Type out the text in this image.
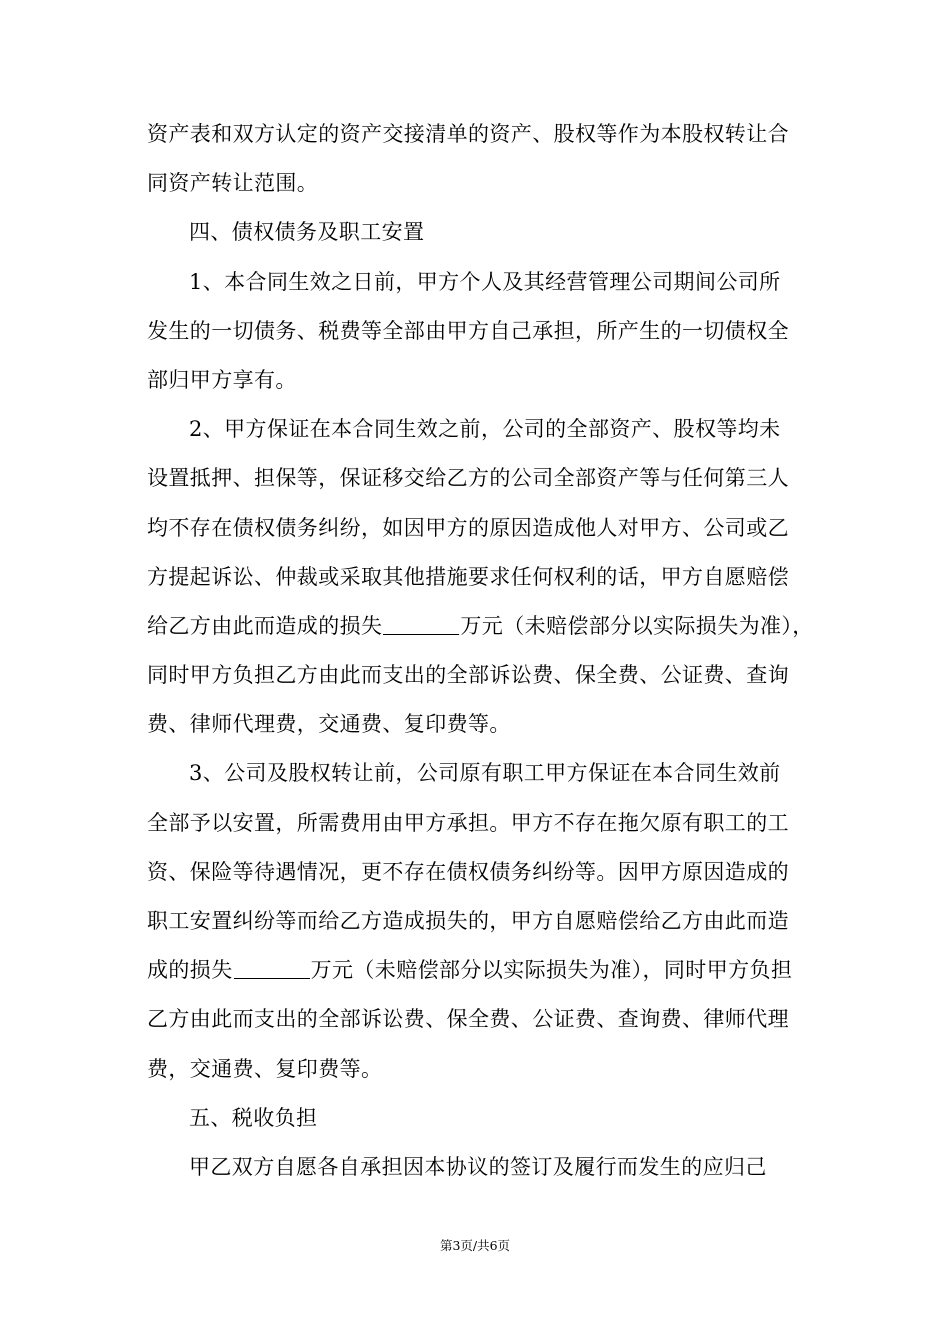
资产表和双方认定的资产交接清单的资产、股权等作为本股权转让合
同资产转让范围。
四、债权债务及职工安置
1、本合同生效之日前，甲方个人及其经营管理公司期间公司所
发生的一切债务、税费等全部由甲方自己承担，所产生的一切债权全
部归甲方享有。
2、甲方保证在本合同生效之前，公司的全部资产、股权等均未
设置抵押、担保等，保证移交给乙方的公司全部资产等与任何第三人
均不存在债权债务纠纷，如因甲方的原因造成他人对甲方、公司或乙
方提起诉讼、仲裁或采取其他措施要求任何权利的话，甲方自愿赔偿
给乙方由此而造成的损失	万元（未赔偿部分以实际损失为准），
同时甲方负担乙方由此而支出的全部诉讼费、保全费、公证费、查询
费、律师代理费，交通费、复印费等。
3、公司及股权转让前，公司原有职工甲方保证在本合同生效前
全部予以安置，所需费用由甲方承担。甲方不存在拖欠原有职工的工
资、保险等待遇情况，更不存在债权债务纠纷等。因甲方原因造成的
职工安置纠纷等而给乙方造成损失的，甲方自愿赔偿给乙方由此而造
成的损失	万元（未赔偿部分以实际损失为准），同时甲方负担
乙方由此而支出的全部诉讼费、保全费、公证费、查询费、律师代理
费，交通费、复印费等。
五、税收负担
甲乙双方自愿各自承担因本协议的签订及履行而发生的应归己
第3页/共6页
